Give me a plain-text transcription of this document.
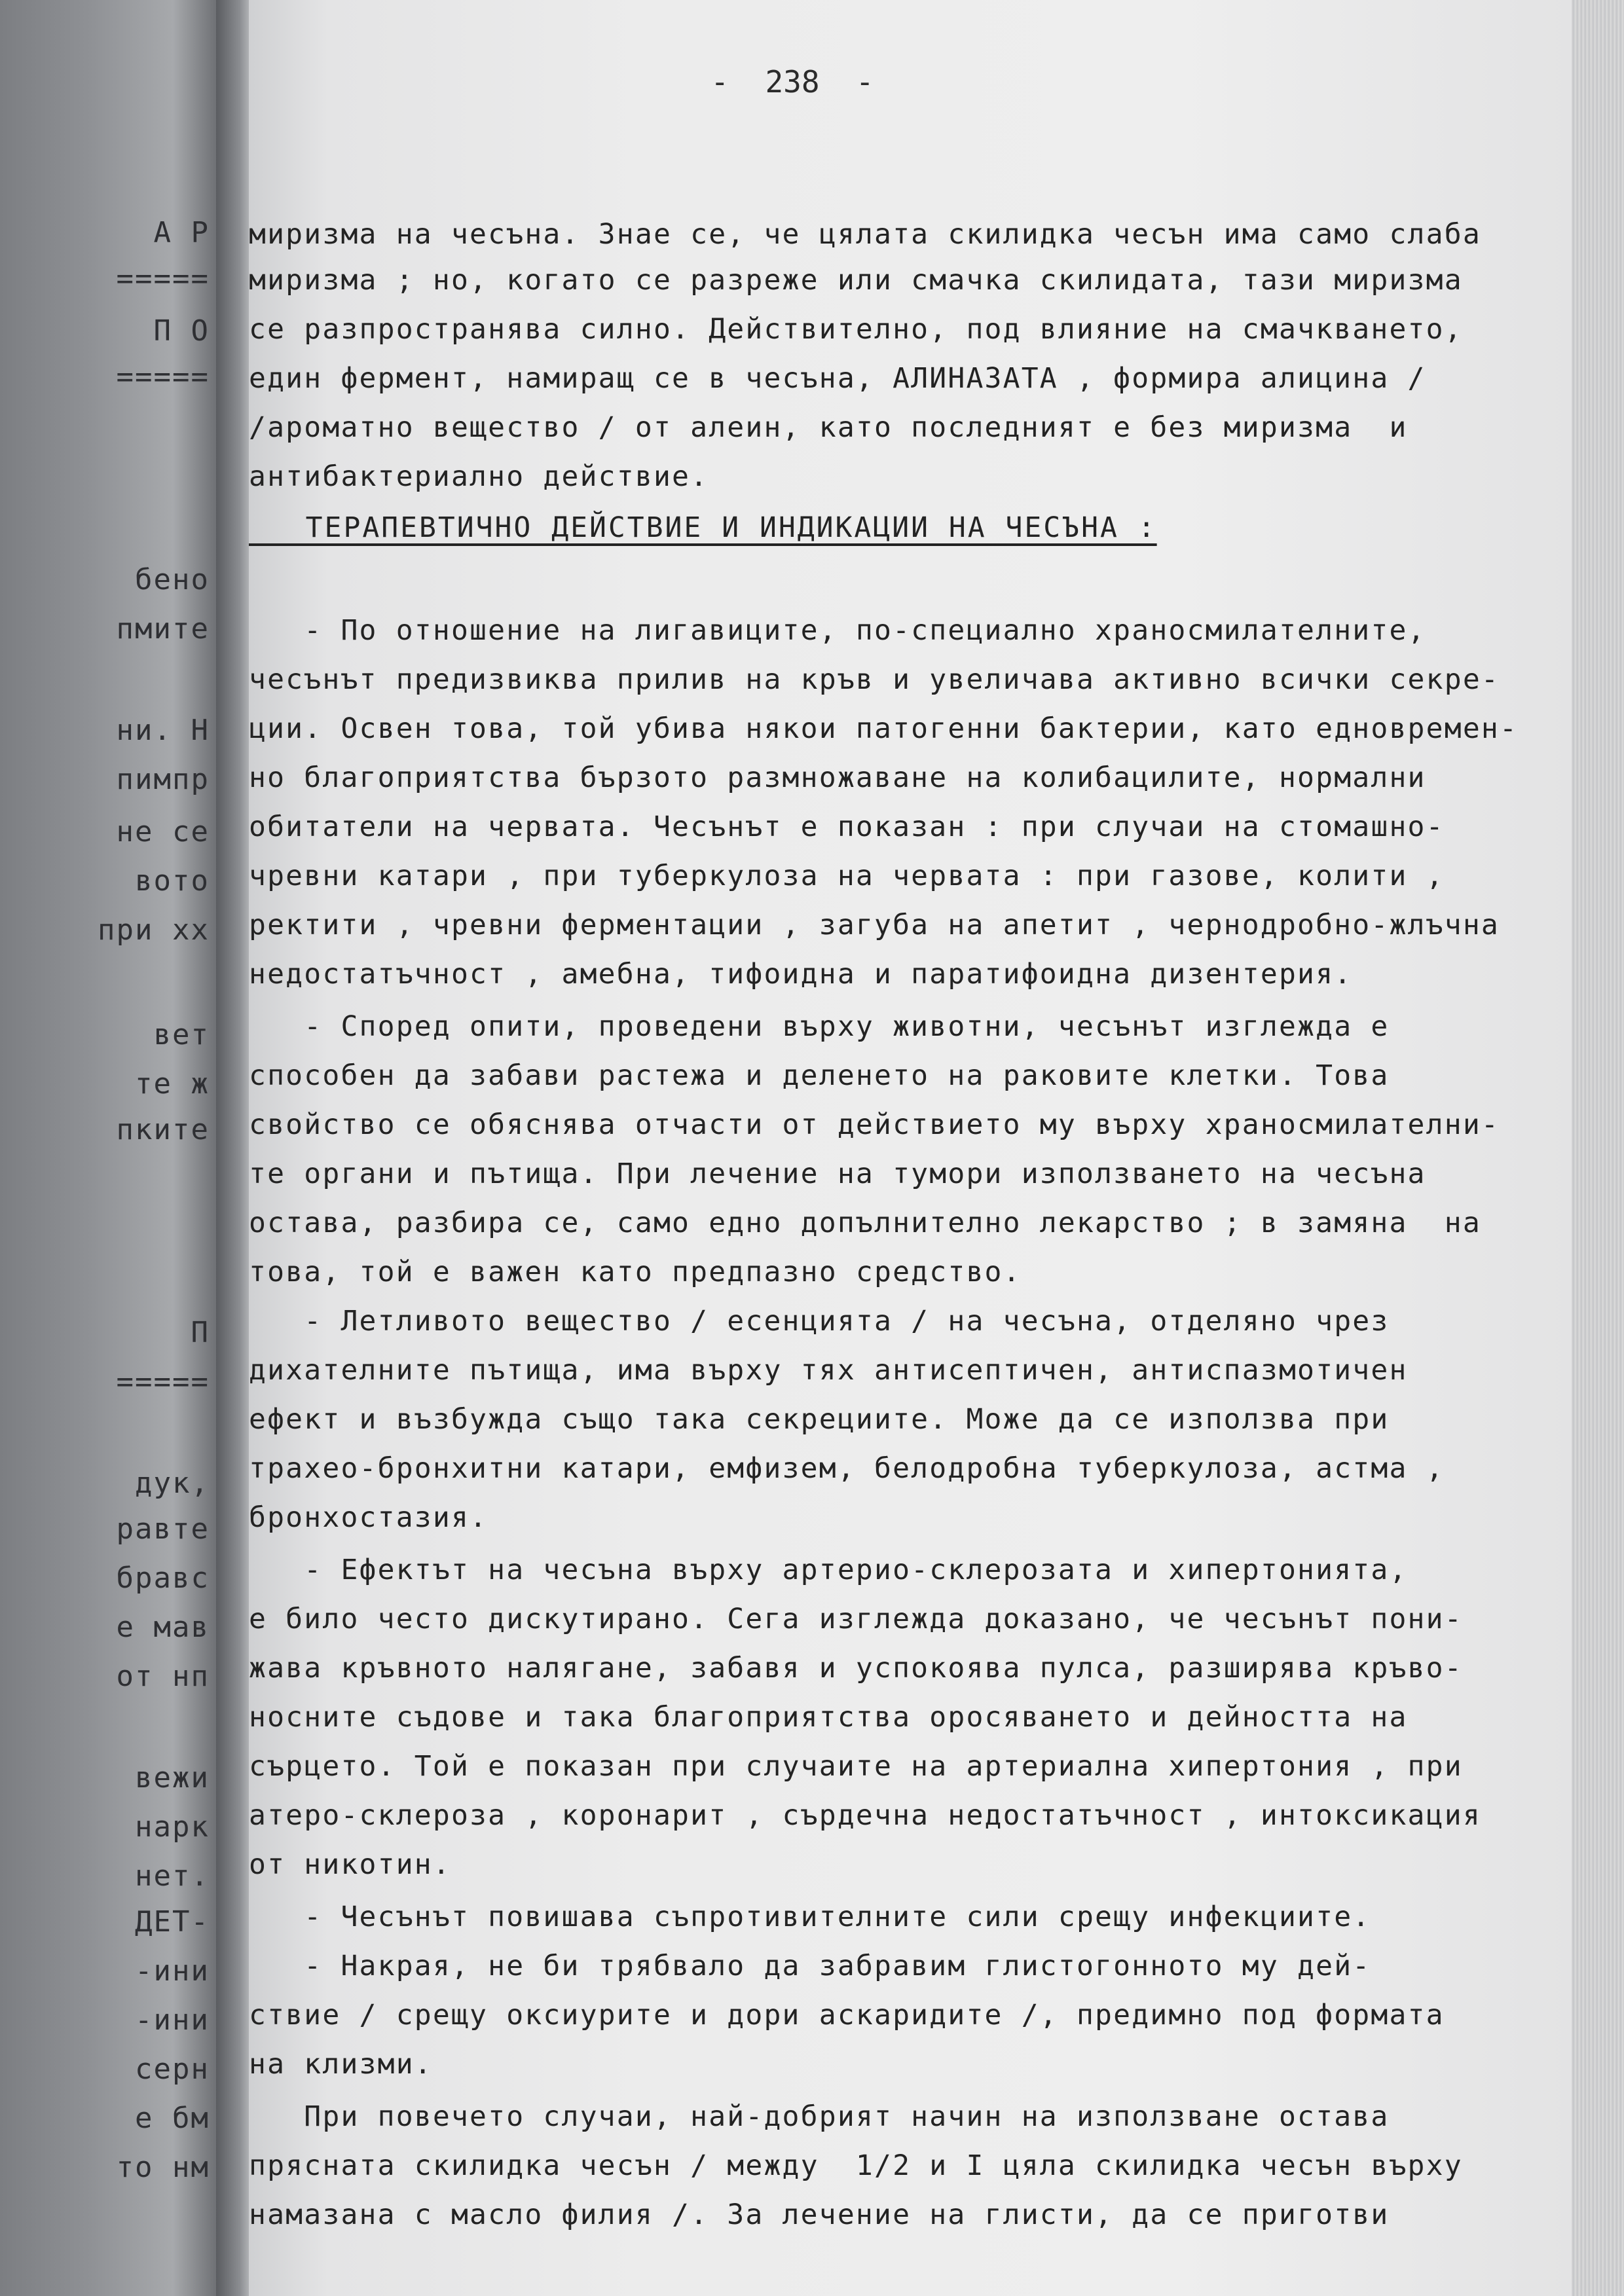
А Р
=====
П О
=====
бено
пмите
ни. Н
пимпр
не се
вото
при хх
вет
те ж
пките
П
=====
дук,
равте
бравс
е мав
от нп
вежи
нарк
нет.
ДЕТ-
-ини
-ини
серн
е бм
то нм
-  238  -
миризма на чесъна. Знае се, че цялата скилидка чесън има само слаба
миризма ; но, когато се разреже или смачка скилидата, тази миризма
се разпространява силно. Действително, под влияние на смачкването,
един фермент, намиращ се в чесъна, АЛИНАЗАТА , формира алицина /
/ароматно вещество / от алеин, като последният е без миризма  и
антибактериално действие.
ТЕРАПЕВТИЧНО ДЕЙСТВИЕ И ИНДИКАЦИИ НА ЧЕСЪНА :
- По отношение на лигавиците, по-специално храносмилателните,
чесънът предизвиква прилив на кръв и увеличава активно всички секре-
ции. Освен това, той убива някои патогенни бактерии, като едновремен-
но благоприятства бързото размножаване на колибацилите, нормални
обитатели на червата. Чесънът е показан : при случаи на стомашно-
чревни катари , при туберкулоза на червата : при газове, колити ,
ректити , чревни ферментации , загуба на апетит , чернодробно-жлъчна
недостатъчност , амебна, тифоидна и паратифоидна дизентерия.
- Според опити, проведени върху животни, чесънът изглежда е
способен да забави растежа и деленето на раковите клетки. Това
свойство се обяснява отчасти от действието му върху храносмилателни-
те органи и пътища. При лечение на тумори използването на чесъна
остава, разбира се, само едно допълнително лекарство ; в замяна  на
това, той е важен като предпазно средство.
- Летливото вещество / есенцията / на чесъна, отделяно чрез
дихателните пътища, има върху тях антисептичен, антиспазмотичен
ефект и възбужда също така секрециите. Може да се използва при
трахео-бронхитни катари, емфизем, белодробна туберкулоза, астма ,
бронхостазия.
- Ефектът на чесъна върху артерио-склерозата и хипертонията,
е било често дискутирано. Сега изглежда доказано, че чесънът пони-
жава кръвното налягане, забавя и успокоява пулса, разширява кръво-
носните съдове и така благоприятства оросяването и дейността на
сърцето. Той е показан при случаите на артериална хипертония , при
атеро-склероза , коронарит , сърдечна недостатъчност , интоксикация
от никотин.
- Чесънът повишава съпротивителните сили срещу инфекциите.
- Накрая, не би трябвало да забравим глистогонното му дей-
ствие / срещу оксиурите и дори аскаридите /, предимно под формата
на клизми.
При повечето случаи, най-добрият начин на използване остава
прясната скилидка чесън / между  1/2 и I цяла скилидка чесън върху
намазана с масло филия /. За лечение на глисти, да се приготви
